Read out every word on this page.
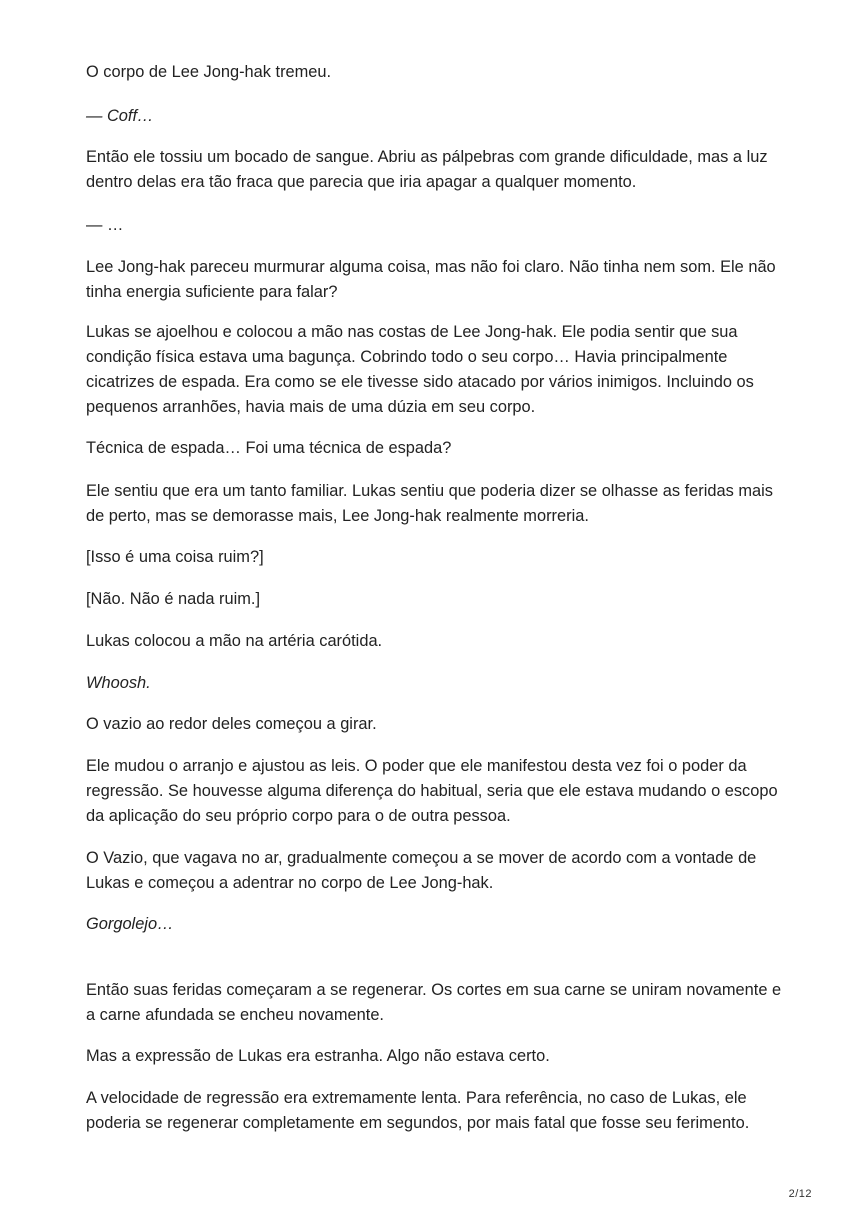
O corpo de Lee Jong-hak tremeu.

— Coff…

Então ele tossiu um bocado de sangue. Abriu as pálpebras com grande dificuldade, mas a luz dentro delas era tão fraca que parecia que iria apagar a qualquer momento.

— …

Lee Jong-hak pareceu murmurar alguma coisa, mas não foi claro. Não tinha nem som. Ele não tinha energia suficiente para falar?

Lukas se ajoelhou e colocou a mão nas costas de Lee Jong-hak. Ele podia sentir que sua condição física estava uma bagunça. Cobrindo todo o seu corpo… Havia principalmente cicatrizes de espada. Era como se ele tivesse sido atacado por vários inimigos. Incluindo os pequenos arranhões, havia mais de uma dúzia em seu corpo.

Técnica de espada… Foi uma técnica de espada?

Ele sentiu que era um tanto familiar. Lukas sentiu que poderia dizer se olhasse as feridas mais de perto, mas se demorasse mais, Lee Jong-hak realmente morreria.

[Isso é uma coisa ruim?]

[Não. Não é nada ruim.]

Lukas colocou a mão na artéria carótida.

Whoosh.

O vazio ao redor deles começou a girar.

Ele mudou o arranjo e ajustou as leis. O poder que ele manifestou desta vez foi o poder da regressão. Se houvesse alguma diferença do habitual, seria que ele estava mudando o escopo da aplicação do seu próprio corpo para o de outra pessoa.

O Vazio, que vagava no ar, gradualmente começou a se mover de acordo com a vontade de Lukas e começou a adentrar no corpo de Lee Jong-hak.

Gorgolejo…

Então suas feridas começaram a se regenerar. Os cortes em sua carne se uniram novamente e a carne afundada se encheu novamente.

Mas a expressão de Lukas era estranha. Algo não estava certo.

A velocidade de regressão era extremamente lenta. Para referência, no caso de Lukas, ele poderia se regenerar completamente em segundos, por mais fatal que fosse seu ferimento.

2/12
